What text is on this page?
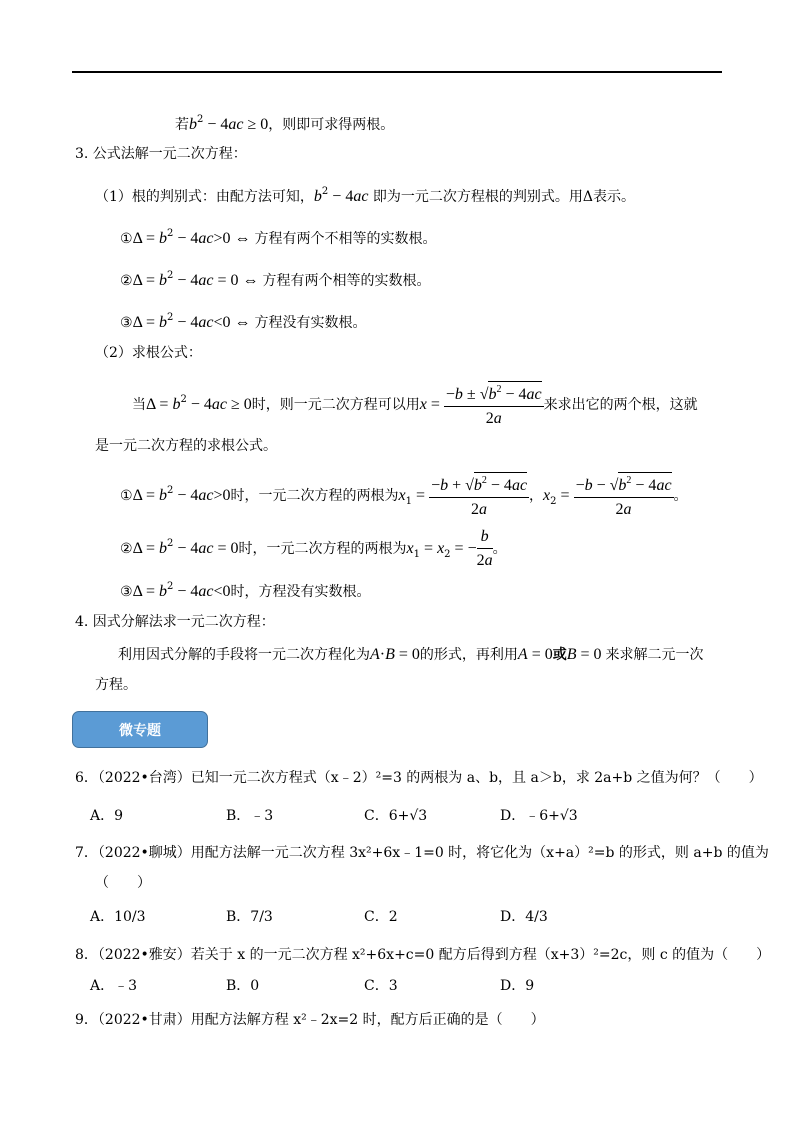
若$b^2 - 4ac \ge 0$，则即可求得两根。
3. 公式法解一元二次方程：
（1）根的判别式：由配方法可知，$b^2 - 4ac$ 即为一元二次方程根的判别式。用Δ表示。
①Δ = $b^2 - 4ac>0$ ⇔ 方程有两个不相等的实数根。
②Δ = $b^2 - 4ac = 0$ ⇔ 方程有两个相等的实数根。
③Δ = $b^2 - 4ac<0$ ⇔ 方程没有实数根。
（2）求根公式：
当$\Delta = b^2 - 4ac \ge 0$时，则一元二次方程可以用$x = \frac{-b \pm √b^2 - 4ac}{2a}$ 来求出它的两个根，这就
是一元二次方程的求根公式。
①Δ = $b^2 - 4ac>0$时，一元二次方程的两根为$x_1 = \frac{-b + √b^2 - 4ac}{2a}$ ，$x_2 = \frac{-b - √b^2 - 4ac}{2a}$ 。
②Δ = $b^2 - 4ac = 0$时，一元二次方程的两根为$x_1 = x_2$ = − $\frac{b}{2a}$ 。
③Δ = $b^2 - 4ac<0$时，方程没有实数根。
4. 因式分解法求一元二次方程：
利用因式分解的手段将一元二次方程化为A·B = 0的形式，再利用A = 0或B = 0 来求解二元一次
方程。
微专题
6．（2022•台湾）已知一元二次方程式（x﹣2）²=3 的两根为 a、b，且 a＞b，求 2a+b 之值为何？（　　）
A．9	B．﹣3	C．6+√3	D．﹣6+√3
7．（2022•聊城）用配方法解一元二次方程 3x²+6x﹣1=0 时，将它化为（x+a）²=b 的形式，则 a+b 的值为
（　　）
A．10/3	B．7/3	C．2	D．4/3
8．（2022•雅安）若关于 x 的一元二次方程 x²+6x+c=0 配方后得到方程（x+3）²=2c，则 c 的值为（　　）
A．﹣3	B．0	C．3	D．9
9．（2022•甘肃）用配方法解方程 x²﹣2x=2 时，配方后正确的是（　　）
